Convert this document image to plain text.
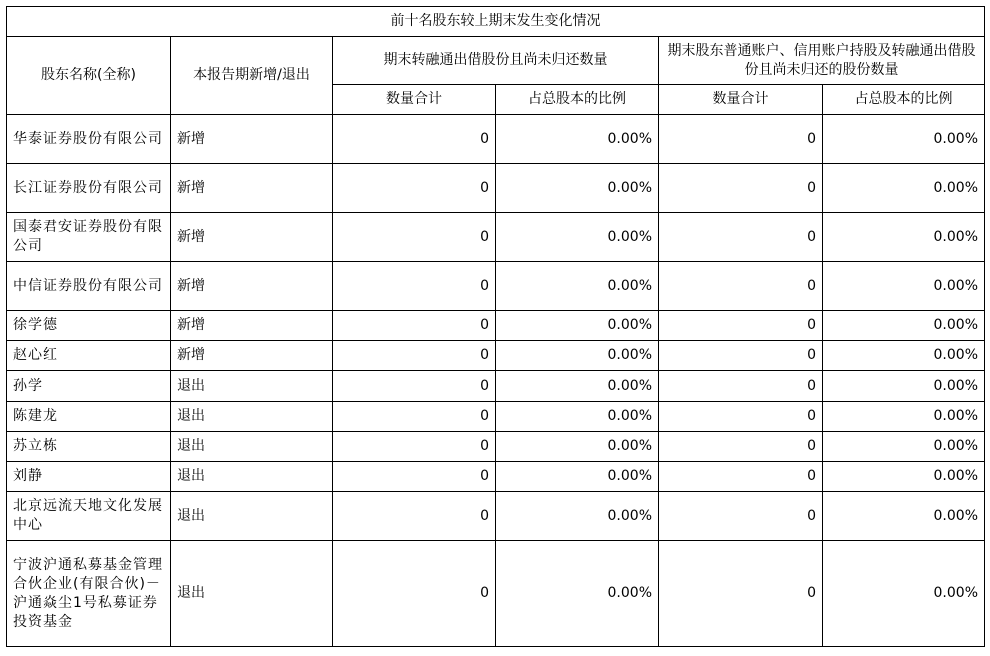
前十名股东较上期末发生变化情况					
股东名称(全称)	本报告期新增/退出	期末转融通出借股份且尚未归还数量		期末股东普通账户、信用账户持股及转融通出借股份且尚未归还的股份数量	
		数量合计	占总股本的比例	数量合计	占总股本的比例
华泰证券股份有限公司	新增	0	0.00%	0	0.00%
长江证券股份有限公司	新增	0	0.00%	0	0.00%
国泰君安证券股份有限公司	新增	0	0.00%	0	0.00%
中信证券股份有限公司	新增	0	0.00%	0	0.00%
徐学德	新增	0	0.00%	0	0.00%
赵心红	新增	0	0.00%	0	0.00%
孙学	退出	0	0.00%	0	0.00%
陈建龙	退出	0	0.00%	0	0.00%
苏立栋	退出	0	0.00%	0	0.00%
刘静	退出	0	0.00%	0	0.00%
北京远流天地文化发展中心	退出	0	0.00%	0	0.00%
宁波沪通私募基金管理合伙企业(有限合伙)－沪通焱尘1号私募证券投资基金	退出	0	0.00%	0	0.00%
